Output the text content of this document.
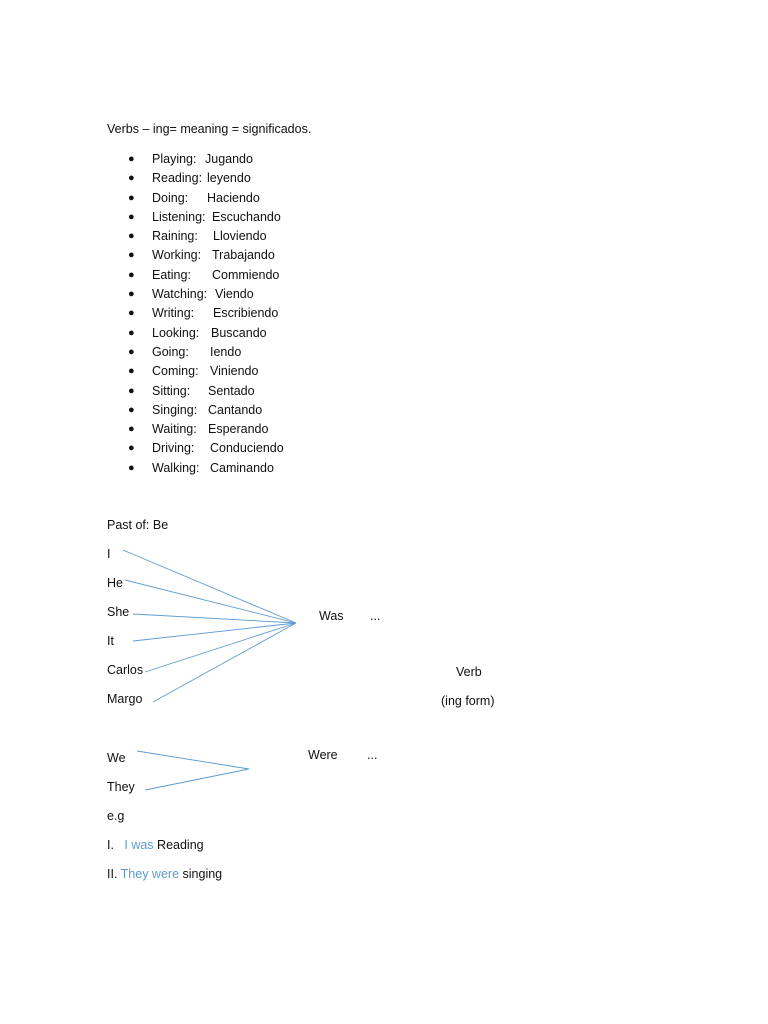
Verbs – ing= meaning = significados.
● Playing: Jugando
● Reading: leyendo
● Doing: Haciendo
● Listening: Escuchando
● Raining: Lloviendo
● Working: Trabajando
● Eating: Commiendo
● Watching: Viendo
● Writing: Escribiendo
● Looking: Buscando
● Going: Iendo
● Coming: Viniendo
● Sitting: Sentado
● Singing: Cantando
● Waiting: Esperando
● Driving: Conduciendo
● Walking: Caminando
Past of: Be
I
He
She
It
Carlos
Margo
Was ...
Verb
(ing form)
We
They
Were ...
e.g
I. I was Reading
II. They were singing
